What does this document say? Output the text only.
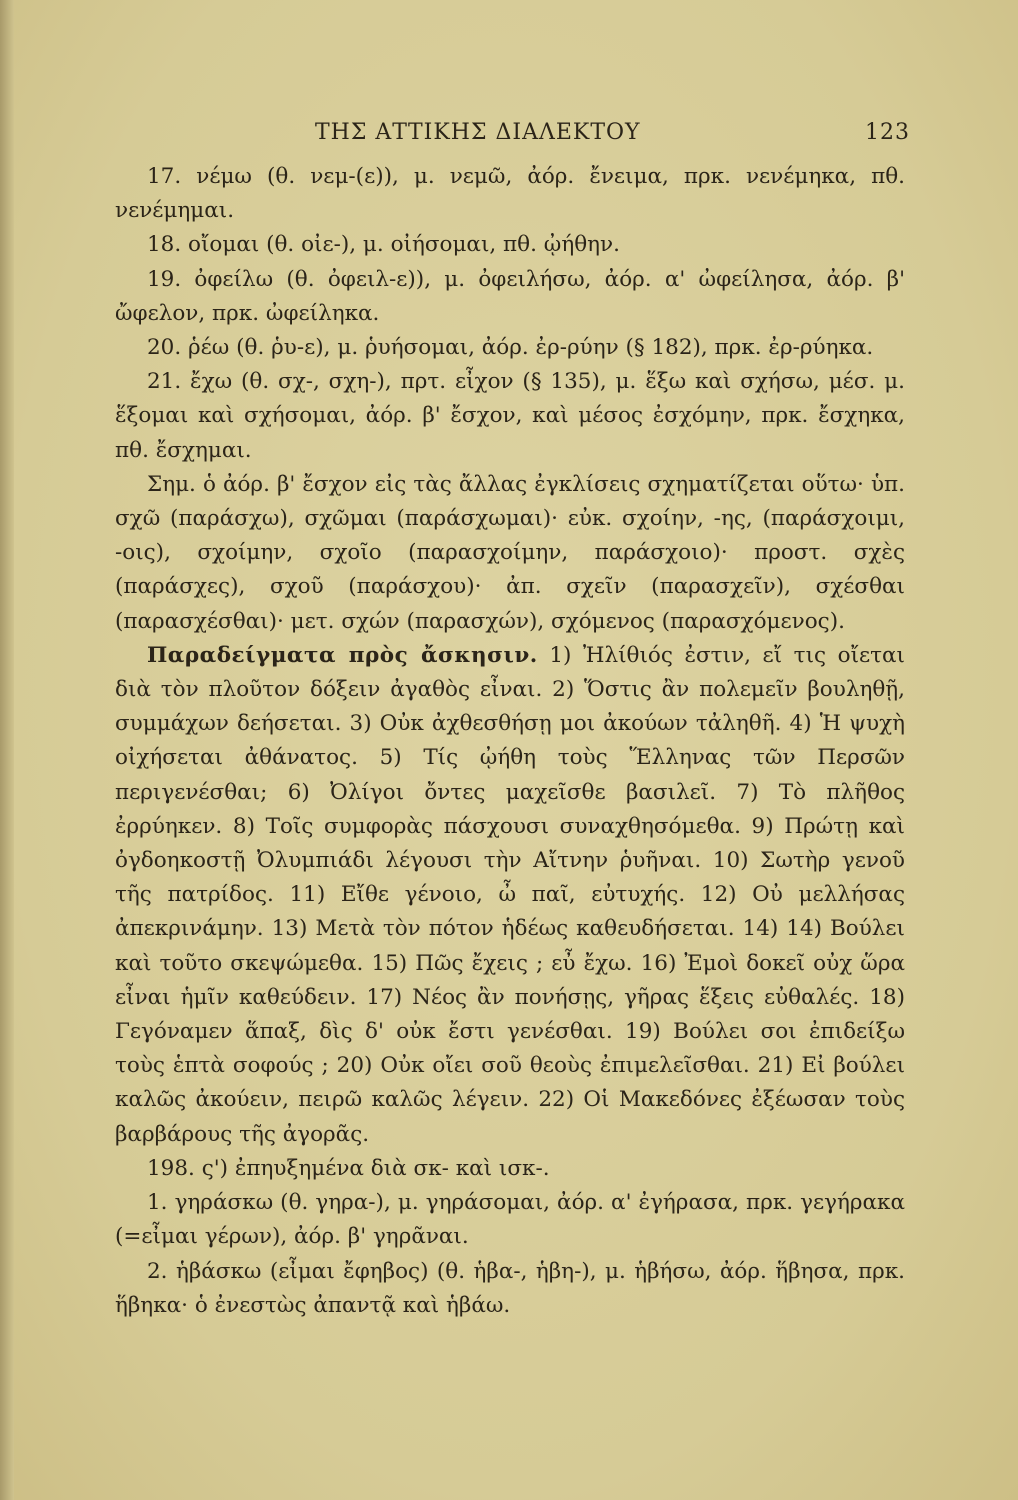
ΤΗΣ ΑΤΤΙΚΗΣ ΔΙΑΛΕΚΤΟΥ	123

17. νέμω (θ. νεμ-(ε)), μ. νεμῶ, ἀόρ. ἔνειμα, πρκ. νενέμηκα, πθ. νενέμημαι.

18. οἴομαι (θ. οἰε-), μ. οἰήσομαι, πθ. ᾠήθην.

19. ὀφείλω (θ. ὀφειλ-ε)), μ. ὀφειλήσω, ἀόρ. α' ὠφείλησα, ἀόρ. β' ὤφελον, πρκ. ὠφείληκα.

20. ῥέω (θ. ῥυ-ε), μ. ῥυήσομαι, ἀόρ. ἐρ-ρύην (§ 182), πρκ. ἐρ-ρύηκα.

21. ἔχω (θ. σχ-, σχη-), πρτ. εἶχον (§ 135), μ. ἕξω καὶ σχήσω, μέσ. μ. ἕξομαι καὶ σχήσομαι, ἀόρ. β' ἔσχον, καὶ μέσος ἐσχόμην, πρκ. ἔσχηκα, πθ. ἔσχημαι.

Σημ. ὁ ἀόρ. β' ἔσχον εἰς τὰς ἄλλας ἐγκλίσεις σχηματίζεται οὕτω· ὑπ. σχῶ (παράσχω), σχῶμαι (παράσχωμαι)· εὐκ. σχοίην, -ης, (παράσχοιμι, -οις), σχοίμην, σχοῖο (παρασχοίμην, παράσχοιο)· προστ. σχὲς (παράσχες), σχοῦ (παράσχου)· ἀπ. σχεῖν (παρασχεῖν), σχέσθαι (παρασχέσθαι)· μετ. σχών (παρασχών), σχόμενος (παρασχόμενος).

Παραδείγματα πρὸς ἄσκησιν. 1) Ἠλίθιός ἐστιν, εἴ τις οἴεται διὰ τὸν πλοῦτον δόξειν ἀγαθὸς εἶναι. 2) Ὅστις ἂν πολεμεῖν βουληθῇ, συμμάχων δεήσεται. 3) Οὐκ ἀχθεσθήσῃ μοι ἀκούων τἀληθῆ. 4) Ἡ ψυχὴ οἰχήσεται ἀθάνατος. 5) Τίς ᾠήθη τοὺς Ἕλληνας τῶν Περσῶν περιγενέσθαι; 6) Ὀλίγοι ὄντες μαχεῖσθε βασιλεῖ. 7) Τὸ πλῆθος ἐρρύηκεν. 8) Τοῖς συμφορὰς πάσχουσι συναχθησόμεθα. 9) Πρώτῃ καὶ ὀγδοηκοστῇ Ὀλυμπιάδι λέγουσι τὴν Αἴτνην ῥυῆναι. 10) Σωτὴρ γενοῦ τῆς πατρίδος. 11) Εἴθε γένοιο, ὦ παῖ, εὐτυχής. 12) Οὐ μελλήσας ἀπεκρινάμην. 13) Μετὰ τὸν πότον ἡδέως καθευδήσεται. 14) 14) Βούλει καὶ τοῦτο σκεψώμεθα. 15) Πῶς ἔχεις ; εὖ ἔχω. 16) Ἐμοὶ δοκεῖ οὐχ ὥρα εἶναι ἡμῖν καθεύδειν. 17) Νέος ἂν πονήσῃς, γῆρας ἕξεις εὐθαλές. 18) Γεγόναμεν ἅπαξ, δὶς δ' οὐκ ἔστι γενέσθαι. 19) Βούλει σοι ἐπιδείξω τοὺς ἑπτὰ σοφούς ; 20) Οὐκ οἴει σοῦ θεοὺς ἐπιμελεῖσθαι. 21) Εἰ βούλει καλῶς ἀκούειν, πειρῶ καλῶς λέγειν. 22) Οἱ Μακεδόνες ἐξέωσαν τοὺς βαρβάρους τῆς ἀγορᾶς.

198. ς') ἐπηυξημένα διὰ σκ- καὶ ισκ-.

1. γηράσκω (θ. γηρα-), μ. γηράσομαι, ἀόρ. α' ἐγήρασα, πρκ. γεγήρακα (=εἶμαι γέρων), ἀόρ. β' γηρᾶναι.

2. ἡβάσκω (εἶμαι ἔφηβος) (θ. ἡβα-, ἡβη-), μ. ἡβήσω, ἀόρ. ἥβησα, πρκ. ἥβηκα· ὁ ἐνεστὼς ἀπαντᾷ καὶ ἡβάω.
